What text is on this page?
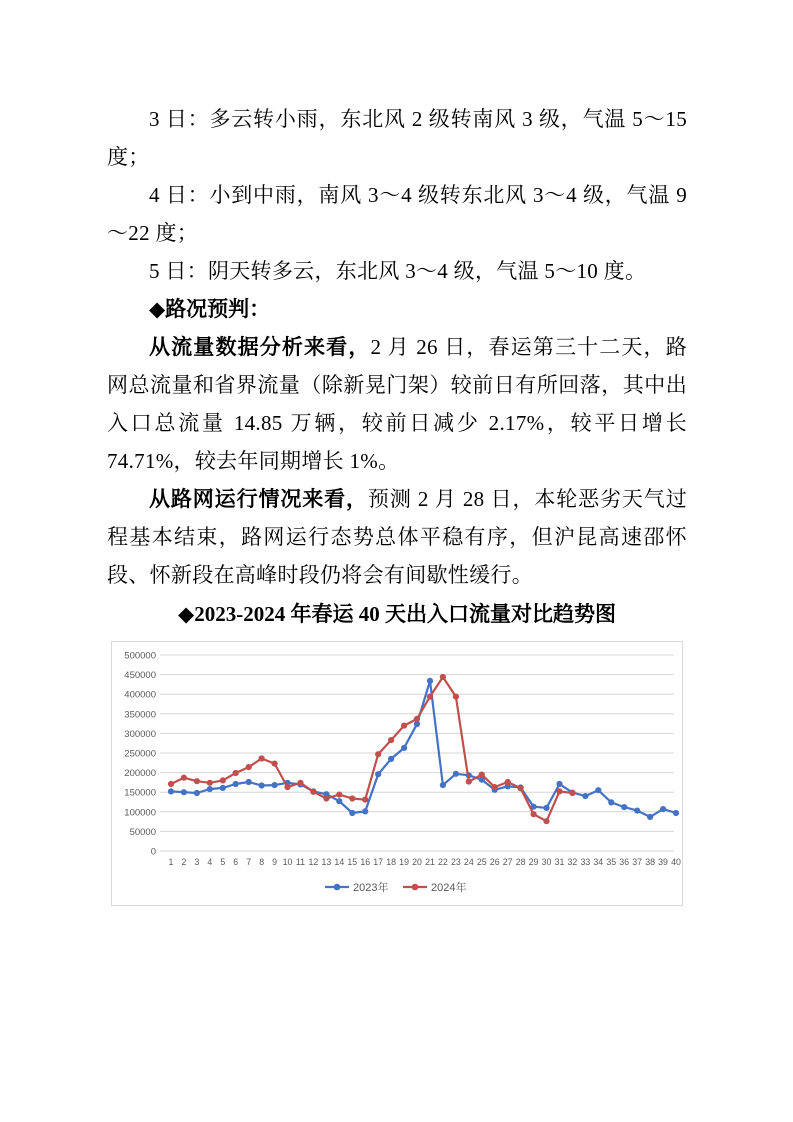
3 日：多云转小雨，东北风 2 级转南风 3 级，气温 5～15 度；

4 日：小到中雨，南风 3～4 级转东北风 3～4 级，气温 9～22 度；

5 日：阴天转多云，东北风 3～4 级，气温 5～10 度。

◆路况预判：

从流量数据分析来看，2 月 26 日，春运第三十二天，路网总流量和省界流量（除新晃门架）较前日有所回落，其中出入口总流量 14.85 万辆，较前日减少 2.17%，较平日增长 74.71%，较去年同期增长 1%。

从路网运行情况来看，预测 2 月 28 日，本轮恶劣天气过程基本结束，路网运行态势总体平稳有序，但沪昆高速邵怀段、怀新段在高峰时段仍将会有间歇性缓行。

◆2023-2024 年春运 40 天出入口流量对比趋势图

0
50000
100000
150000
200000
250000
300000
350000
400000
450000
500000
1 2 3 4 5 6 7 8 9 10 11 12 13 14 15 16 17 18 19 20 21 22 23 24 25 26 27 28 29 30 31 32 33 34 35 36 37 38 39 40
2023年	2024年
